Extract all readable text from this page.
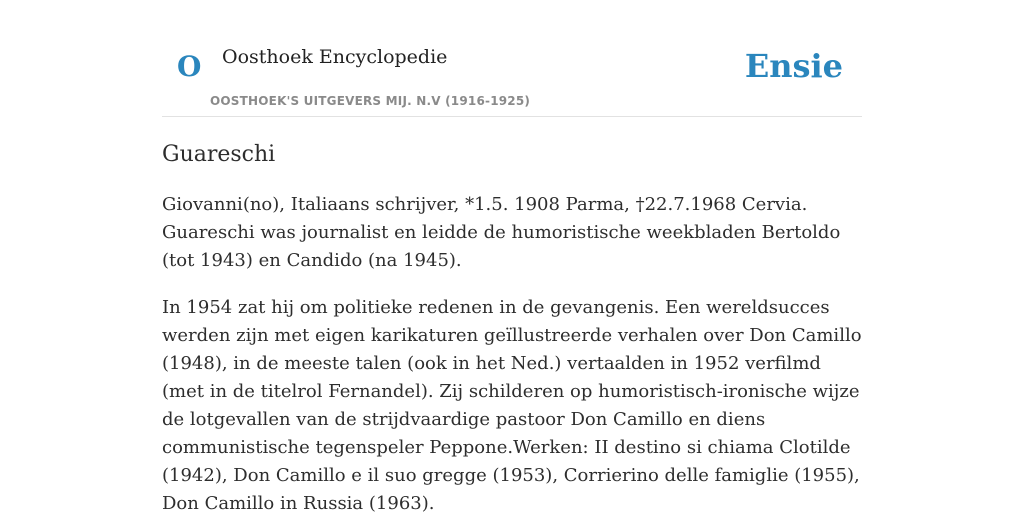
O Oosthoek Encyclopedie
OOSTHOEK'S UITGEVERS MIJ. N.V (1916-1925)
Ensie
Guareschi

Giovanni(no), Italiaans schrijver, *1.5. 1908 Parma, †22.7.1968 Cervia. Guareschi was journalist en leidde de humoristische weekbladen Bertoldo (tot 1943) en Candido (na 1945).

In 1954 zat hij om politieke redenen in de gevangenis. Een wereldsucces werden zijn met eigen karikaturen geïllustreerde verhalen over Don Camillo (1948), in de meeste talen (ook in het Ned.) vertaalden in 1952 verfilmd (met in de titelrol Fernandel). Zij schilderen op humoristisch-ironische wijze de lotgevallen van de strijdvaardige pastoor Don Camillo en diens communistische tegenspeler Peppone.Werken: II destino si chiama Clotilde (1942), Don Camillo e il suo gregge (1953), Corrierino delle famiglie (1955), Don Camillo in Russia (1963).
